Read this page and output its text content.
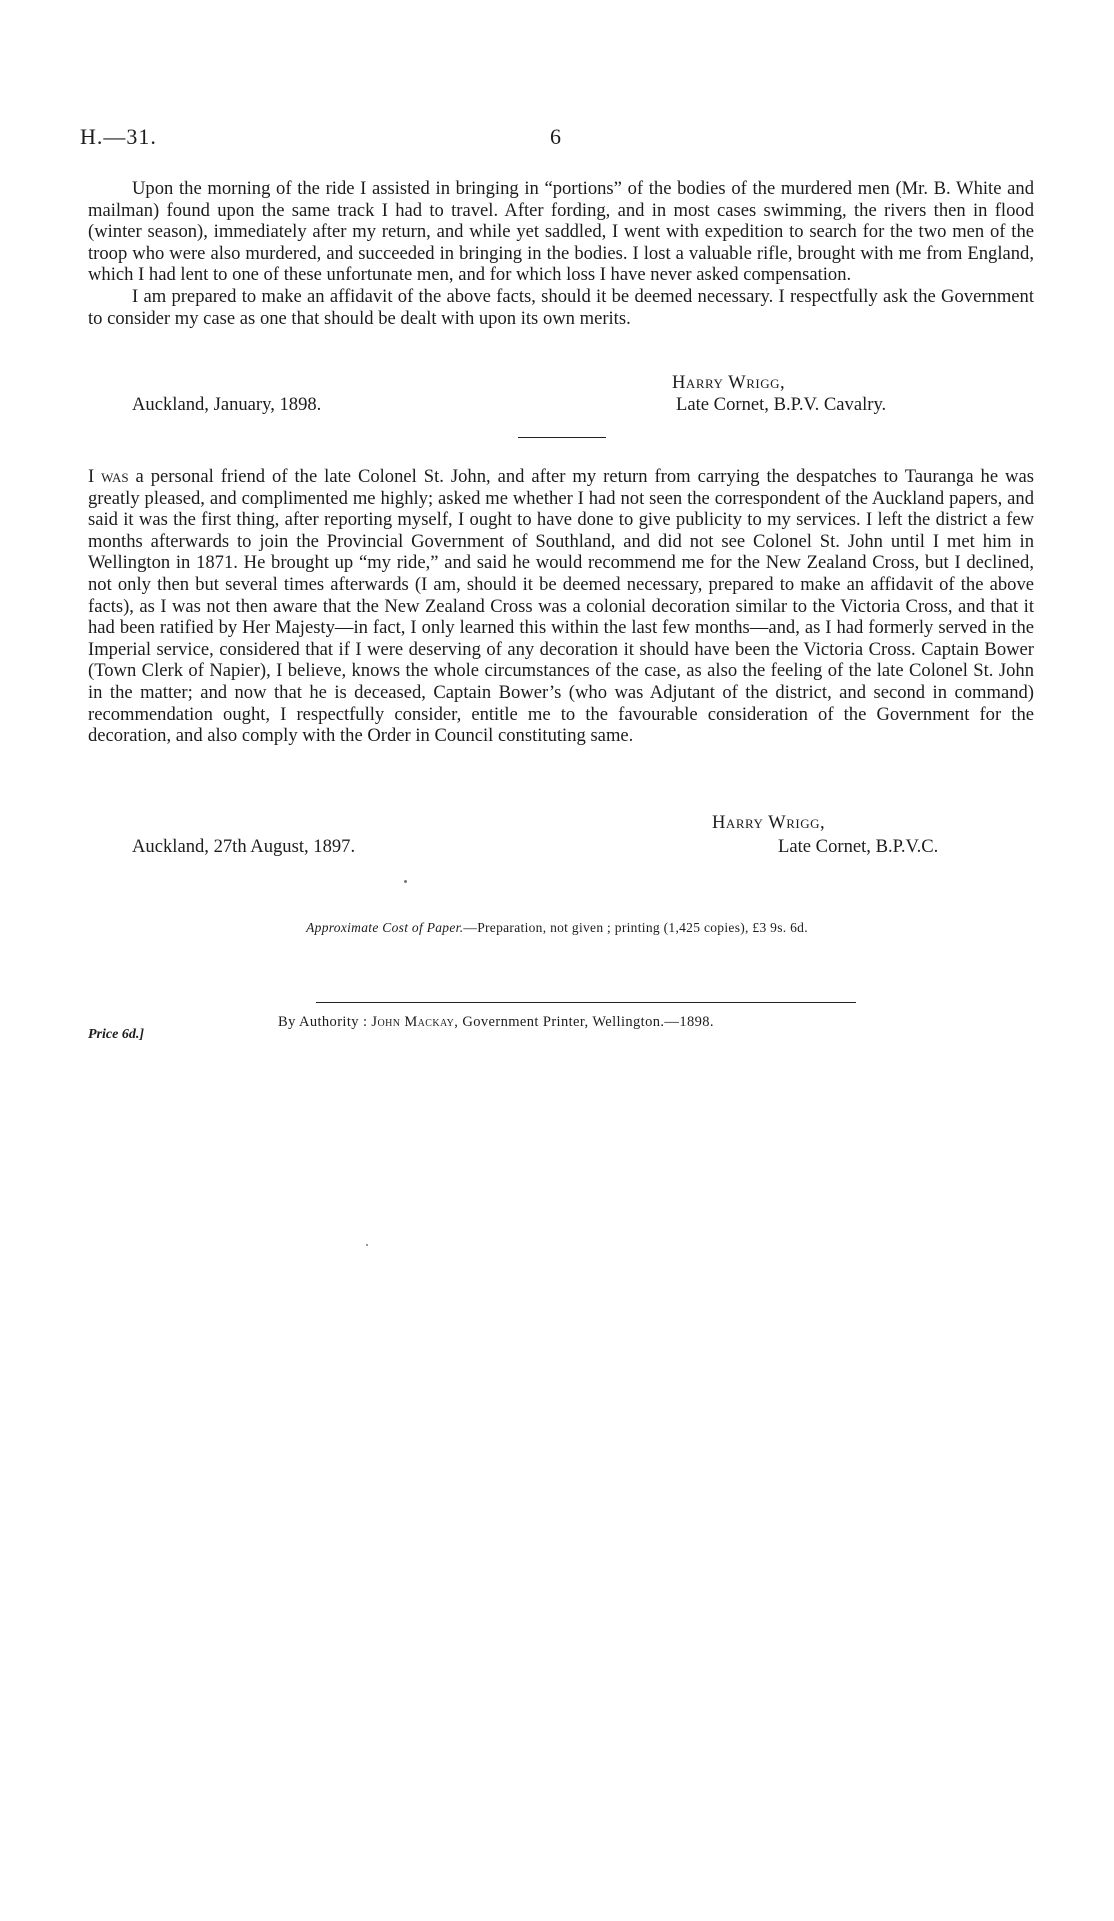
H.—31.	6

Upon the morning of the ride I assisted in bringing in “portions” of the bodies of the murdered men (Mr. B. White and mailman) found upon the same track I had to travel. After fording, and in most cases swimming, the rivers then in flood (winter season), immediately after my return, and while yet saddled, I went with expedition to search for the two men of the troop who were also murdered, and succeeded in bringing in the bodies. I lost a valuable rifle, brought with me from England, which I had lent to one of these unfortunate men, and for which loss I have never asked compensation.

I am prepared to make an affidavit of the above facts, should it be deemed necessary. I respectfully ask the Government to consider my case as one that should be dealt with upon its own merits.

Harry Wrigg,
Auckland, January, 1898.	Late Cornet, B.P.V. Cavalry.

I was a personal friend of the late Colonel St. John, and after my return from carrying the despatches to Tauranga he was greatly pleased, and complimented me highly; asked me whether I had not seen the correspondent of the Auckland papers, and said it was the first thing, after reporting myself, I ought to have done to give publicity to my services. I left the district a few months afterwards to join the Provincial Government of Southland, and did not see Colonel St. John until I met him in Wellington in 1871. He brought up “my ride,” and said he would recommend me for the New Zealand Cross, but I declined, not only then but several times afterwards (I am, should it be deemed necessary, prepared to make an affidavit of the above facts), as I was not then aware that the New Zealand Cross was a colonial decoration similar to the Victoria Cross, and that it had been ratified by Her Majesty—in fact, I only learned this within the last few months—and, as I had formerly served in the Imperial service, considered that if I were deserving of any decoration it should have been the Victoria Cross. Captain Bower (Town Clerk of Napier), I believe, knows the whole circumstances of the case, as also the feeling of the late Colonel St. John in the matter; and now that he is deceased, Captain Bower’s (who was Adjutant of the district, and second in command) recommendation ought, I respectfully consider, entitle me to the favourable consideration of the Government for the decoration, and also comply with the Order in Council constituting same.

Harry Wrigg,
Auckland, 27th August, 1897.	Late Cornet, B.P.V.C.
Approximate Cost of Paper.—Preparation, not given ; printing (1,425 copies), £3 9s. 6d.
By Authority : John Mackay, Government Printer, Wellington.—1898.
Price 6d.]
